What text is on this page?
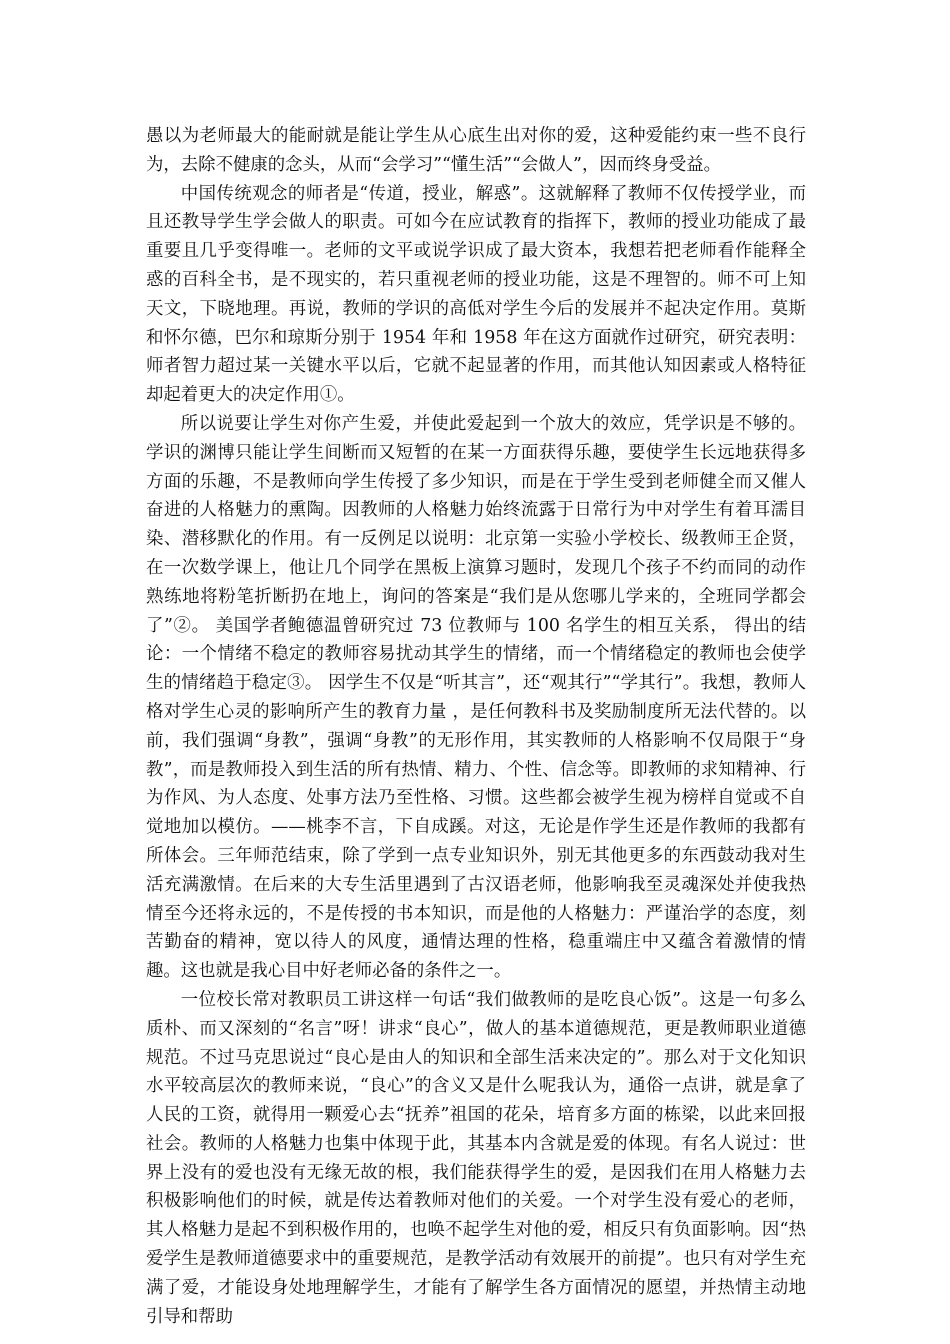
愚以为老师最大的能耐就是能让学生从心底生出对你的爱，这种爱能约束一些不良行为，去除不健康的念头，从而“会学习”“懂生活”“会做人”，因而终身受益。

中国传统观念的师者是“传道，授业，解惑”。这就解释了教师不仅传授学业，而且还教导学生学会做人的职责。可如今在应试教育的指挥下，教师的授业功能成了最重要且几乎变得唯一。老师的文平或说学识成了最大资本，我想若把老师看作能释全惑的百科全书，是不现实的，若只重视老师的授业功能，这是不理智的。师不可上知天文，下晓地理。再说，教师的学识的高低对学生今后的发展并不起决定作用。莫斯和怀尔德，巴尔和琼斯分别于 1954 年和 1958 年在这方面就作过研究，研究表明：师者智力超过某一关键水平以后，它就不起显著的作用，而其他认知因素或人格特征却起着更大的决定作用①。

所以说要让学生对你产生爱，并使此爱起到一个放大的效应，凭学识是不够的。学识的渊博只能让学生间断而又短暂的在某一方面获得乐趣，要使学生长远地获得多方面的乐趣，不是教师向学生传授了多少知识，而是在于学生受到老师健全而又催人奋进的人格魅力的熏陶。因教师的人格魅力始终流露于日常行为中对学生有着耳濡目染、潜移默化的作用。有一反例足以说明：北京第一实验小学校长、级教师王企贤，在一次数学课上，他让几个同学在黑板上演算习题时，发现几个孩子不约而同的动作熟练地将粉笔折断扔在地上，询问的答案是“我们是从您哪儿学来的，全班同学都会了”②。 美国学者鲍德温曾研究过 73 位教师与 100 名学生的相互关系， 得出的结论：一个情绪不稳定的教师容易扰动其学生的情绪，而一个情绪稳定的教师也会使学生的情绪趋于稳定③。 因学生不仅是“听其言”，还“观其行”“学其行”。我想，教师人格对学生心灵的影响所产生的教育力量 ，是任何教科书及奖励制度所无法代替的。以前，我们强调“身教”，强调“身教”的无形作用，其实教师的人格影响不仅局限于“身教”，而是教师投入到生活的所有热情、精力、个性、信念等。即教师的求知精神、行为作风、为人态度、处事方法乃至性格、习惯。这些都会被学生视为榜样自觉或不自觉地加以模仿。——桃李不言，下自成蹊。对这，无论是作学生还是作教师的我都有所体会。三年师范结束，除了学到一点专业知识外，别无其他更多的东西鼓动我对生活充满激情。在后来的大专生活里遇到了古汉语老师，他影响我至灵魂深处并使我热情至今还将永远的，不是传授的书本知识，而是他的人格魅力：严谨治学的态度，刻苦勤奋的精神，宽以待人的风度，通情达理的性格，稳重端庄中又蕴含着激情的情趣。这也就是我心目中好老师必备的条件之一。

一位校长常对教职员工讲这样一句话“我们做教师的是吃良心饭”。这是一句多么质朴、而又深刻的“名言”呀！讲求“良心”，做人的基本道德规范，更是教师职业道德规范。不过马克思说过“良心是由人的知识和全部生活来决定的”。那么对于文化知识水平较高层次的教师来说，“良心”的含义又是什么呢我认为，通俗一点讲，就是拿了人民的工资，就得用一颗爱心去“抚养”祖国的花朵，培育多方面的栋梁，以此来回报社会。教师的人格魅力也集中体现于此，其基本内含就是爱的体现。有名人说过：世界上没有的爱也没有无缘无故的根，我们能获得学生的爱，是因我们在用人格魅力去积极影响他们的时候，就是传达着教师对他们的关爱。一个对学生没有爱心的老师，其人格魅力是起不到积极作用的，也唤不起学生对他的爱，相反只有负面影响。因“热爱学生是教师道德要求中的重要规范，是教学活动有效展开的前提”。也只有对学生充满了爱，才能设身处地理解学生，才能有了解学生各方面情况的愿望，并热情主动地引导和帮助
